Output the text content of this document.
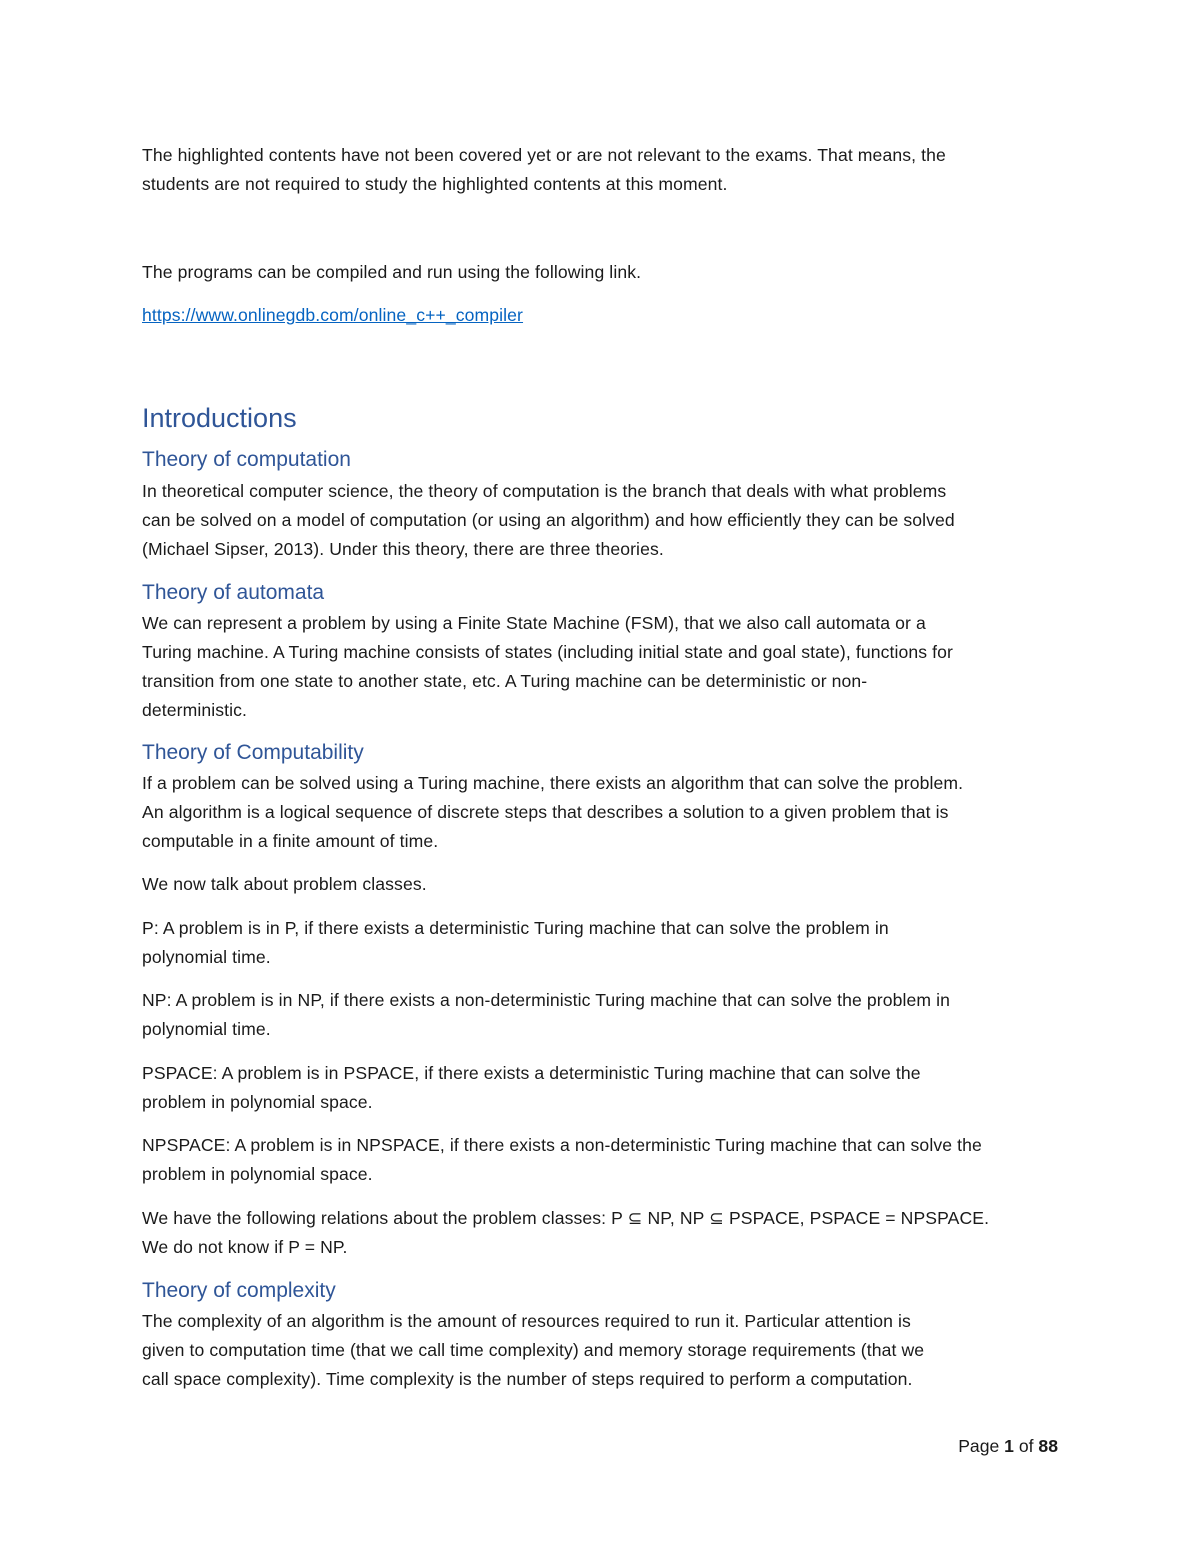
The highlighted contents have not been covered yet or are not relevant to the exams. That means, the

students are not required to study the highlighted contents at this moment.

The programs can be compiled and run using the following link.

https://www.onlinegdb.com/online_c++_compiler

Introductions
Theory of computation

In theoretical computer science, the theory of computation is the branch that deals with what problems

can be solved on a model of computation (or using an algorithm) and how efficiently they can be solved

(Michael Sipser, 2013). Under this theory, there are three theories.

Theory of automata

We can represent a problem by using a Finite State Machine (FSM), that we also call automata or a

Turing machine. A Turing machine consists of states (including initial state and goal state), functions for

transition from one state to another state, etc. A Turing machine can be deterministic or non-

deterministic.

Theory of Computability

If a problem can be solved using a Turing machine, there exists an algorithm that can solve the problem.

An algorithm is a logical sequence of discrete steps that describes a solution to a given problem that is

computable in a finite amount of time.

We now talk about problem classes.

P: A problem is in P, if there exists a deterministic Turing machine that can solve the problem in

polynomial time.

NP: A problem is in NP, if there exists a non-deterministic Turing machine that can solve the problem in

polynomial time.

PSPACE: A problem is in PSPACE, if there exists a deterministic Turing machine that can solve the

problem in polynomial space.

NPSPACE: A problem is in NPSPACE, if there exists a non-deterministic Turing machine that can solve the

problem in polynomial space.

We have the following relations about the problem classes: P ⊆ NP, NP ⊆ PSPACE, PSPACE = NPSPACE.

We do not know if P = NP.

Theory of complexity

The complexity of an algorithm is the amount of resources required to run it. Particular attention is

given to computation time (that we call time complexity) and memory storage requirements (that we

call space complexity). Time complexity is the number of steps required to perform a computation.

Page 1 of 88
